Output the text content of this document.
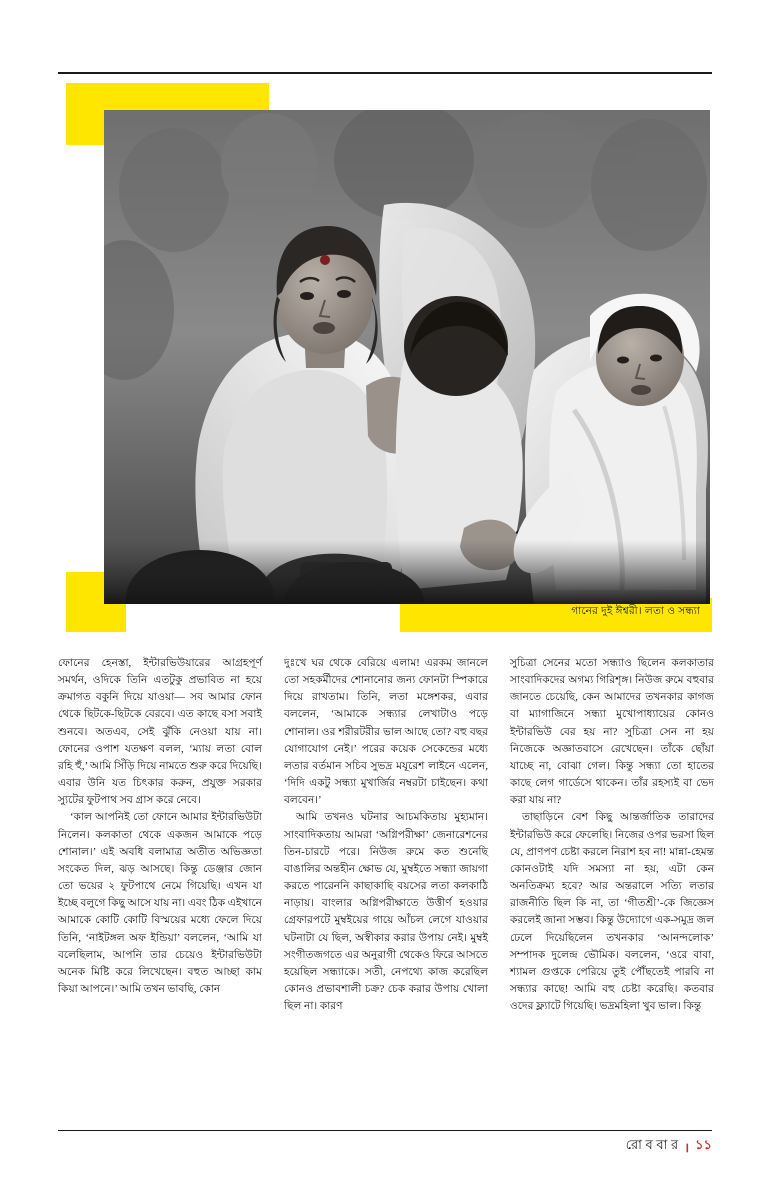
গানের দুই ঈশ্বরী। লতা ও সন্ধ্যা

ফোনের হেনস্তা, ইন্টারভিউয়ারের আগ্রহপূর্ণ সমর্থন, ওদিকে তিনি এতটুকু প্রভাবিত না হয়ে ক্রমাগত বকুনি দিয়ে যাওয়া— সব আমার ফোন থেকে ছিটকে-ছিটকে বেরবে। এত কাছে বসা সবাই শুনবে। অতএব, সেই ঝুঁকি নেওয়া যায় না। ফোনের ওপাশ যতক্ষণ বলল, ‘ম্যায় লতা বোল রহি হুঁ,’ আমি সিঁড়ি দিয়ে নামতে শুরু করে দিয়েছি। এবার উনি যত চিৎকার করুন, প্রযুক্ত সরকার স্যুটের ফুটপাথ সব গ্রাস করে নেবে।

‘কাল আপনিই তো ফোনে আমার ইন্টারভিউটা নিলেন। কলকাতা থেকে একজন আমাকে পড়ে শোনাল।’ এই অবধি বলামাত্র অতীত অভিজ্ঞতা সংকেত দিল, ঝড় আসছে। কিন্তু ডেঞ্জার জোন তো ভয়ের ২ ফুটপাথে নেমে গিয়েছি। এখন যা ইচ্ছে বলুগে কিছু আসে যায় না। এবং ঠিক এইখানে আমাকে কোটি কোটি বিস্ময়ের মধ্যে ফেলে দিয়ে তিনি, ‘নাইটঙ্গল অফ ইন্ডিয়া’ বললেন, ‘আমি যা বলেছিলাম, আপনি তার চেয়েও ইন্টারভিউটা অনেক মিষ্টি করে লিখেছেন। বহুত আচ্ছা কাম কিয়া আপনে।’ আমি তখন ভাবছি, কোন

দুঃখে ঘর থেকে বেরিয়ে এলাম! এরকম জানলে তো সহকর্মীদের শোনানোর জন্য ফোনটা স্পিকারে দিয়ে রাখতাম। তিনি, লতা মঙ্গেশকর, এবার বললেন, ‘আমাকে সন্ধ্যার লেখাটাও পড়ে শোনাল। ওর শরীরটরীর ভাল আছে তো? বহু বছর যোগাযোগ নেই।’ পরের কয়েক সেকেন্ডের মধ্যে লতার বর্তমান সচিব সুভদ্র মযূরেশ লাইনে এলেন, ‘দিদি একটু সন্ধ্যা মুখার্জির নম্বরটা চাইছেন। কথা বলবেন।’

আমি তখনও ঘটনার আচমকিতায় মুহ্যমান। সাংবাদিকতায় আমরা ‘অগ্নিপরীক্ষা’ জেনারেশনের তিন-চারটে পরে। নিউজ রুমে কত শুনেছি বাঙালির অন্তহীন ক্ষোভ যে, মুম্বইতে সন্ধ্যা জায়গা করতে পারেননি কাছাকাছি বয়সের লতা কলকাঠি নাড়ায়। বাংলার অগ্নিপরীক্ষাতে উত্তীর্ণ হওয়ার গ্রেফারপটে মুম্বইয়ের গায়ে আঁচল লেগে যাওয়ার ঘটনাটা যে ছিল, অস্বীকার করার উপায় নেই। মুম্বই সংগীতজগতে এর অনুরাগী থেকেও ফিরে আসতে হয়েছিল সন্ধ্যাকে। সতী, নেপথ্যে কাজ করেছিল কোনও প্রভাবশালী চক্র? চেক করার উপায় খোলা ছিল না। কারণ

সুচিত্রা সেনের মতো সন্ধ্যাও ছিলেন কলকাতার সাংবাদিকদের অগম্য গিরিশৃঙ্গ। নিউজ রুমে বহুবার জানতে চেয়েছি, কেন আমাদের তখনকার কাগজ বা ম্যাগাজিনে সন্ধ্যা মুখোপাধ্যায়ের কোনও ইন্টারভিউ বের হয় না? সুচিত্রা সেন না হয় নিজেকে অজ্ঞাতবাসে রেখেছেন। তাঁকে ছোঁয়া যাচ্ছে না, বোঝা গেল। কিন্তু সন্ধ্যা তো হাতের কাছে লেগ গার্ডেসে থাকেন। তাঁর রহস্যই বা ভেদ করা যায় না?

তাছাড়িনে বেশ কিছু আন্তর্জাতিক তারাদের ইন্টারভিউ করে ফেলেছি। নিজের ওপর ভরসা ছিল যে, প্রাণপণ চেষ্টা করলে নিরাশ হব না! মান্না-হেমন্ত কোনওটাই যদি সমস্যা না হয়, এটা কেন অনতিক্রম্য হবে? আর অন্তরালে সত্যি লতার রাজনীতি ছিল কি না, তা ‘গীতশ্রী’-কে জিজ্ঞেস করলেই জানা সম্ভব। কিন্তু উদ্যোগে এক-সমুদ্র জল ঢেলে দিয়েছিলেন তখনকার ‘আনন্দলোক’ সম্পাদক দুলেন্দ্র ভৌমিক। বললেন, ‘ওরে বাবা, শ্যামল গুপ্তকে পেরিয়ে তুই পৌঁছতেই পারবি না সন্ধ্যার কাছে! আমি বহু চেষ্টা করেছি। কতবার ওদের ফ্ল্যাটে গিয়েছি। ভদ্রমহিলা খুব ভাল। কিন্তু

রো ব বা র । ১১
